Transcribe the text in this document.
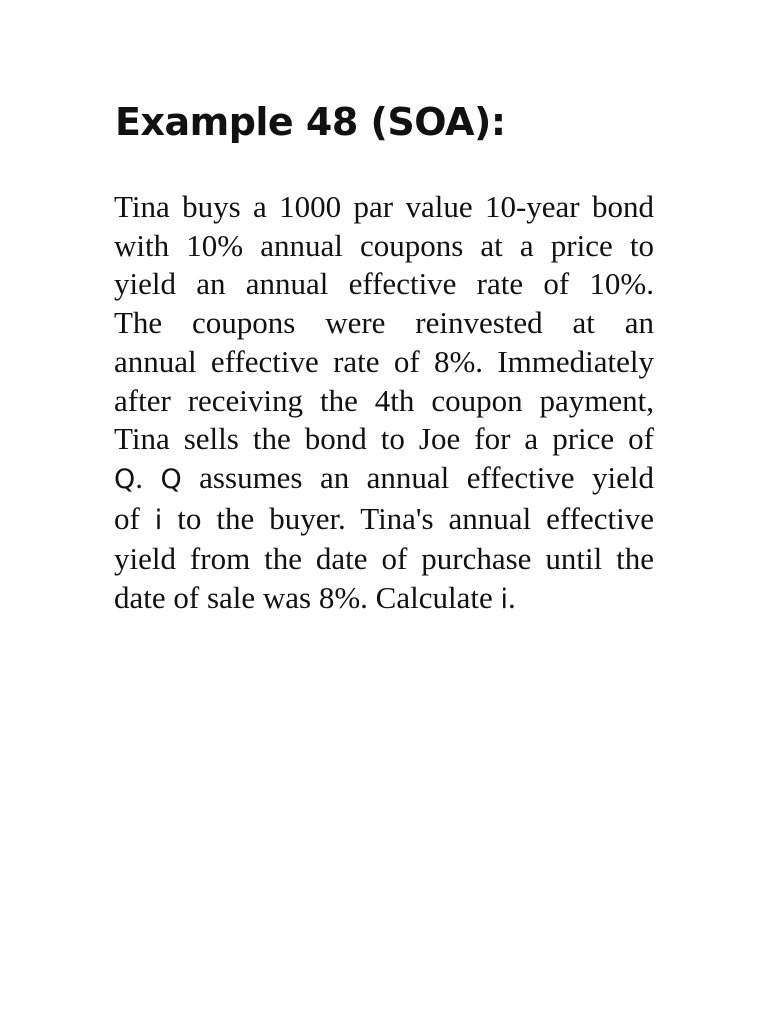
Example 48 (SOA):
Tina buys a 1000 par value 10-year bond
with 10% annual coupons at a price to
yield an annual effective rate of 10%.
The coupons were reinvested at an
annual effective rate of 8%. Immediately
after receiving the 4th coupon payment,
Tina sells the bond to Joe for a price of
Q. Q assumes an annual effective yield
of i to the buyer. Tina's annual effective
yield from the date of purchase until the
date of sale was 8%. Calculate i.
